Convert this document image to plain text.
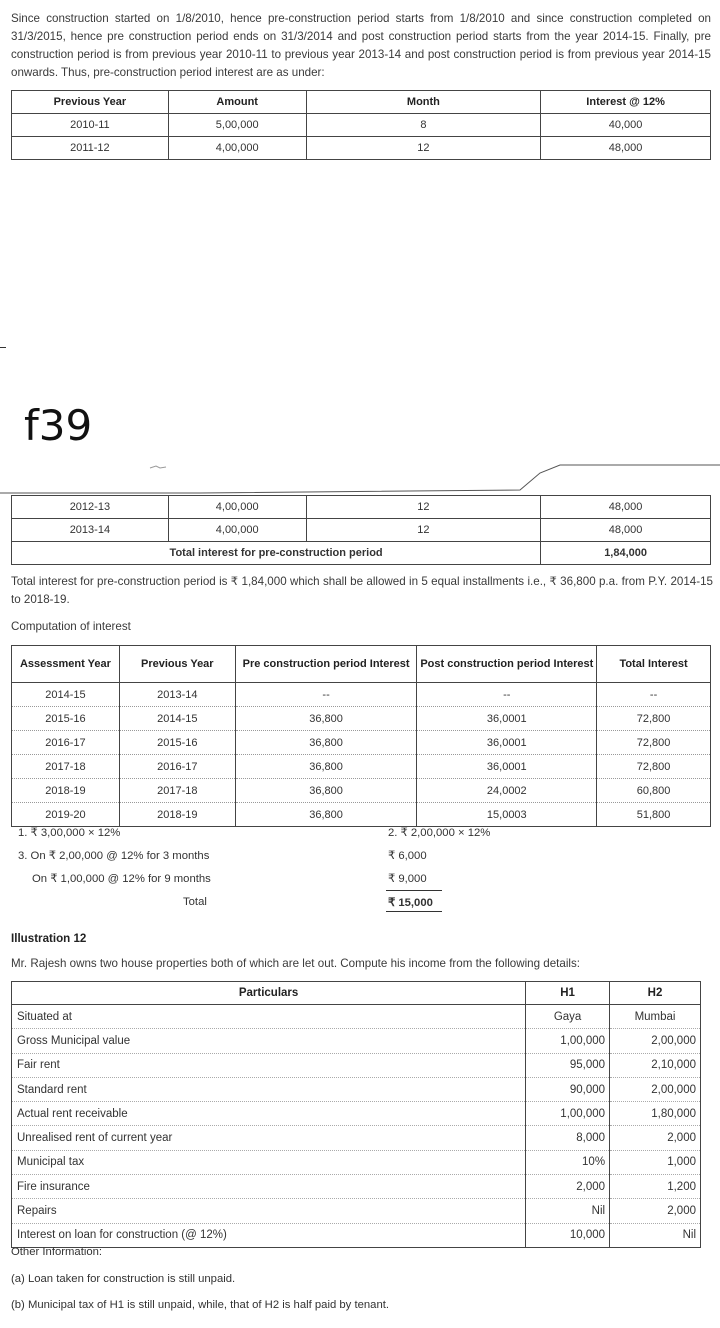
Since construction started on 1/8/2010, hence pre-construction period starts from 1/8/2010 and since construction completed on 31/3/2015, hence pre construction period ends on 31/3/2014 and post construction period starts from the year 2014-15. Finally, pre construction period is from previous year 2010-11 to previous year 2013-14 and post construction period is from previous year 2014-15 onwards. Thus, pre-construction period interest are as under:

Previous Year	Amount	Month	Interest @ 12%
2010-11	5,00,000	8	40,000
2011-12	4,00,000	12	48,000
f39
2012-13	4,00,000	12	48,000
2013-14	4,00,000	12	48,000
Total interest for pre-construction period			1,84,000

Total interest for pre-construction period is ₹ 1,84,000 which shall be allowed in 5 equal installments i.e., ₹ 36,800 p.a. from P.Y. 2014-15 to 2018-19.

Computation of interest

Assessment Year	Previous Year	Pre construction period Interest	Post construction period Interest	Total Interest
2014-15	2013-14	--	--	--
2015-16	2014-15	36,800	36,0001	72,800
2016-17	2015-16	36,800	36,0001	72,800
2017-18	2016-17	36,800	36,0001	72,800
2018-19	2017-18	36,800	24,0002	60,800
2019-20	2018-19	36,800	15,0003	51,800
1. ₹ 3,00,000 × 12%	2. ₹ 2,00,000 × 12%
3. On ₹ 2,00,000 @ 12% for 3 months	₹ 6,000
On ₹ 1,00,000 @ 12% for 9 months	₹ 9,000
Total	₹ 15,000
Illustration 12

Mr. Rajesh owns two house properties both of which are let out. Compute his income from the following details:

Particulars	H1	H2
Situated at	Gaya	Mumbai
Gross Municipal value	1,00,000	2,00,000
Fair rent	95,000	2,10,000
Standard rent	90,000	2,00,000
Actual rent receivable	1,00,000	1,80,000
Unrealised rent of current year	8,000	2,000
Municipal tax	10%	1,000
Fire insurance	2,000	1,200
Repairs	Nil	2,000
Interest on loan for construction (@ 12%)	10,000	Nil
Other Information:
(a) Loan taken for construction is still unpaid.
(b) Municipal tax of H1 is still unpaid, while, that of H2 is half paid by tenant.
